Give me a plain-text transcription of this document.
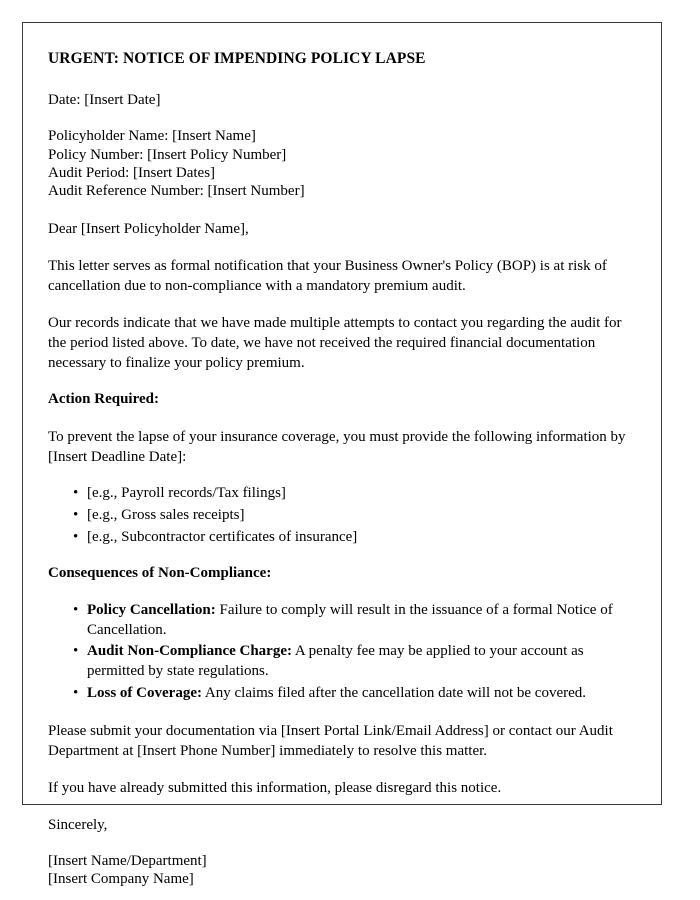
URGENT: NOTICE OF IMPENDING POLICY LAPSE

Date: [Insert Date]

Policyholder Name: [Insert Name]
Policy Number: [Insert Policy Number]
Audit Period: [Insert Dates]
Audit Reference Number: [Insert Number]

Dear [Insert Policyholder Name],

This letter serves as formal notification that your Business Owner's Policy (BOP) is at risk of cancellation due to non-compliance with a mandatory premium audit.

Our records indicate that we have made multiple attempts to contact you regarding the audit for the period listed above. To date, we have not received the required financial documentation necessary to finalize your policy premium.

Action Required:

To prevent the lapse of your insurance coverage, you must provide the following information by [Insert Deadline Date]:

• [e.g., Payroll records/Tax filings]
• [e.g., Gross sales receipts]
• [e.g., Subcontractor certificates of insurance]
Consequences of Non-Compliance:
• Policy Cancellation: Failure to comply will result in the issuance of a formal Notice of Cancellation.
• Audit Non-Compliance Charge: A penalty fee may be applied to your account as permitted by state regulations.
• Loss of Coverage: Any claims filed after the cancellation date will not be covered.

Please submit your documentation via [Insert Portal Link/Email Address] or contact our Audit Department at [Insert Phone Number] immediately to resolve this matter.

If you have already submitted this information, please disregard this notice.

Sincerely,

[Insert Name/Department]
[Insert Company Name]
